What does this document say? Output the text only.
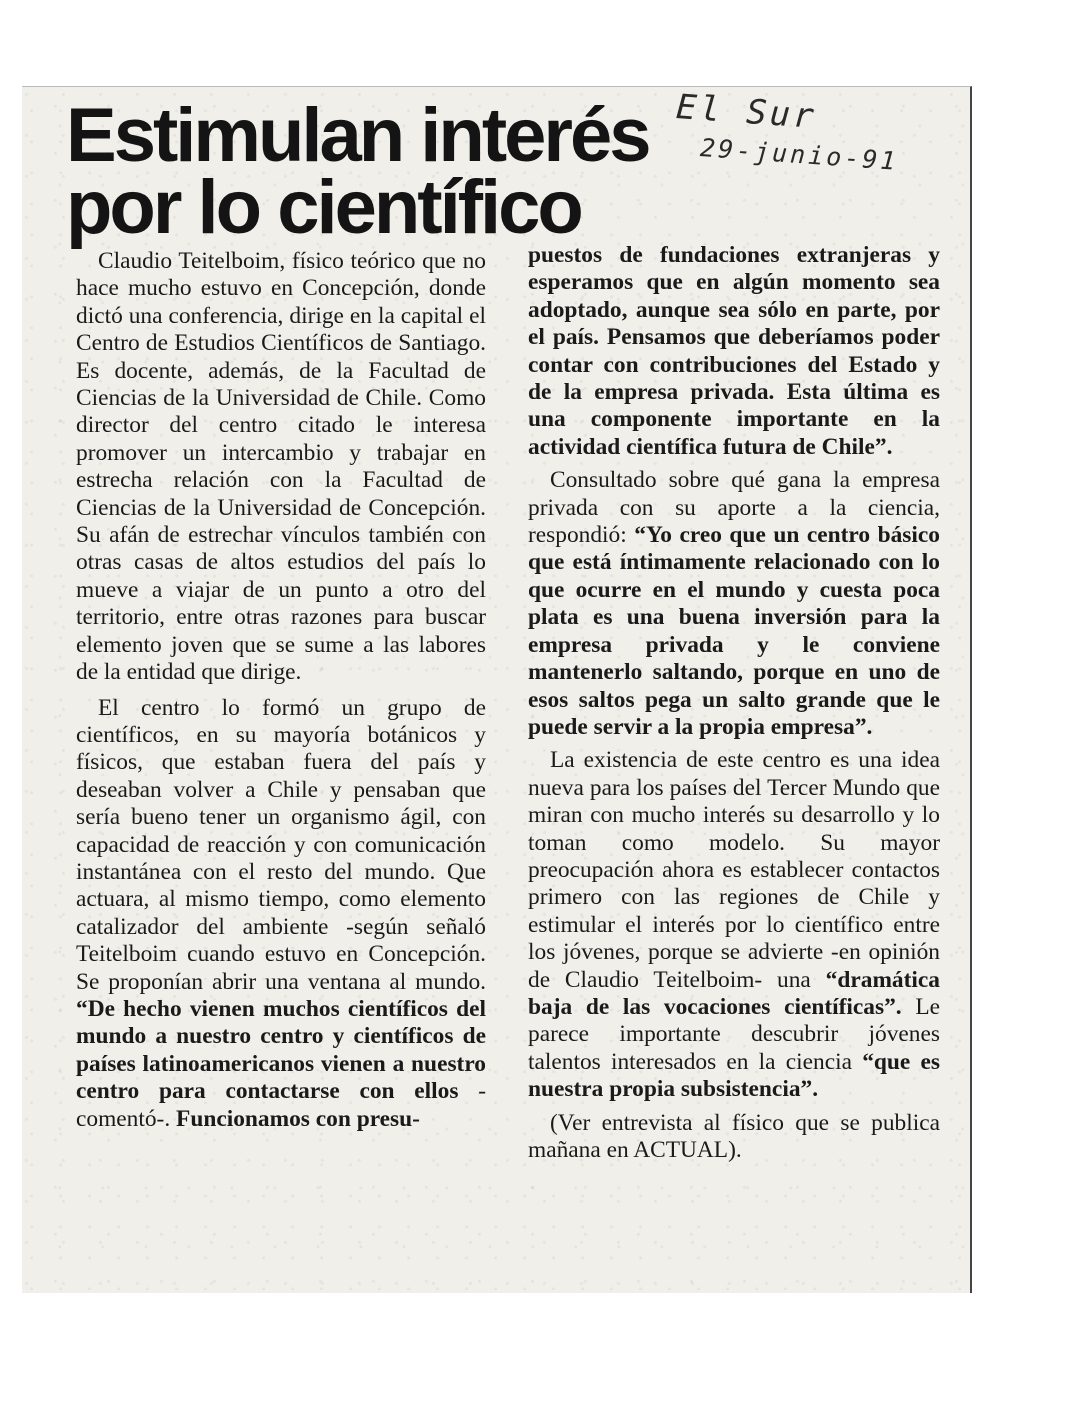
El Sur
29-junio-91
Estimulan interés
por lo científico

Claudio Teitelboim, físico teórico que no hace mucho estuvo en Concepción, donde dictó una conferencia, dirige en la capital el Centro de Estudios Científicos de Santiago. Es docente, además, de la Facultad de Ciencias de la Universidad de Chile. Como director del centro citado le interesa promover un intercambio y trabajar en estrecha relación con la Facultad de Ciencias de la Universidad de Concepción. Su afán de estrechar vínculos también con otras casas de altos estudios del país lo mueve a viajar de un punto a otro del territorio, entre otras razones para buscar elemento joven que se sume a las labores de la entidad que dirige.

El centro lo formó un grupo de científicos, en su mayoría botánicos y físicos, que estaban fuera del país y deseaban volver a Chile y pensaban que sería bueno tener un organismo ágil, con capacidad de reacción y con comunicación instantánea con el resto del mundo. Que actuara, al mismo tiempo, como elemento catalizador del ambiente -según señaló Teitelboim cuando estuvo en Concepción. Se proponían abrir una ventana al mundo. “De hecho vienen muchos científicos del mundo a nuestro centro y científicos de países latinoamericanos vienen a nuestro centro para contactarse con ellos -comentó-. Funcionamos con presu-

puestos de fundaciones extranjeras y esperamos que en algún momento sea adoptado, aunque sea sólo en parte, por el país. Pensamos que deberíamos poder contar con contribuciones del Estado y de la empresa privada. Esta última es una componente importante en la actividad científica futura de Chile”.

Consultado sobre qué gana la empresa privada con su aporte a la ciencia, respondió: “Yo creo que un centro básico que está íntimamente relacionado con lo que ocurre en el mundo y cuesta poca plata es una buena inversión para la empresa privada y le conviene mantenerlo saltando, porque en uno de esos saltos pega un salto grande que le puede servir a la propia empresa”.

La existencia de este centro es una idea nueva para los países del Tercer Mundo que miran con mucho interés su desarrollo y lo toman como modelo. Su mayor preocupación ahora es establecer contactos primero con las regiones de Chile y estimular el interés por lo científico entre los jóvenes, porque se advierte -en opinión de Claudio Teitelboim- una “dramática baja de las vocaciones científicas”. Le parece importante descubrir jóvenes talentos interesados en la ciencia “que es nuestra propia subsistencia”.

(Ver entrevista al físico que se publica mañana en ACTUAL).
